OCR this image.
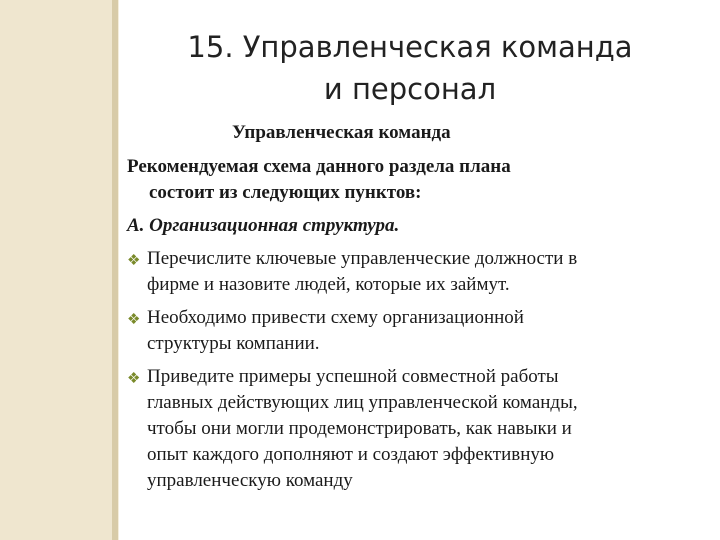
15. Управленческая команда
и персонал
Управленческая команда
Рекомендуемая схема данного раздела плана
состоит из следующих пунктов:
А. Организационная структура.
❖ Перечислите ключевые управленческие должности в
фирме и назовите людей, которые их займут.
❖ Необходимо привести схему организационной
структуры компании.
❖ Приведите примеры успешной совместной работы
главных действующих лиц управленческой команды,
чтобы они могли продемонстрировать, как навыки и
опыт каждого дополняют и создают эффективную
управленческую команду
